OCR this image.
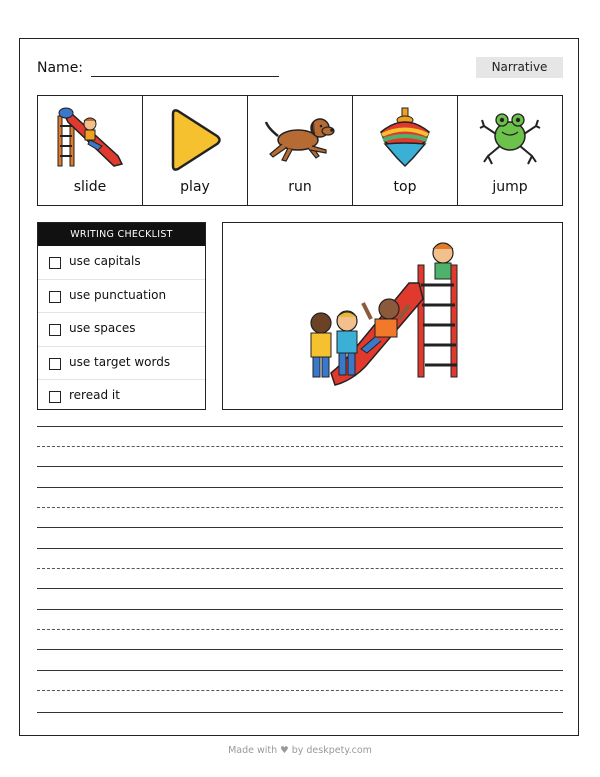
Name:	Narrative
slide	play	run	top	jump
WRITING CHECKLIST
use capitals
use punctuation
use spaces
use target words
reread it
Made with ♥ by deskpety.com
